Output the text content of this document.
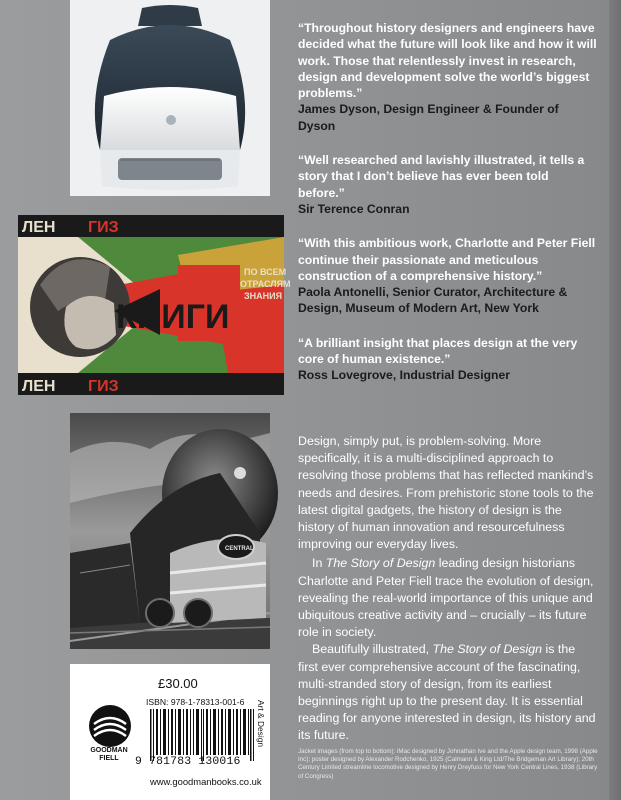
ЛЕН ГИЗ
КНИГИ
ПО ВСЕМ
ОТРАСЛЯМ
ЗНАНИЯ
ЛЕН ГИЗ
CENTRAL
“Throughout history designers and engineers have decided what the future will look like and how it will work. Those that relentlessly invest in research, design and development solve the world’s biggest problems.”
James Dyson, Design Engineer & Founder of Dyson
“Well researched and lavishly illustrated, it tells a story that I don’t believe has ever been told before.”
Sir Terence Conran
“With this ambitious work, Charlotte and Peter Fiell continue their passionate and meticulous construction of a comprehensive history.”
Paola Antonelli, Senior Curator, Architecture & Design, Museum of Modern Art, New York
“A brilliant insight that places design at the very core of human existence.”
Ross Lovegrove, Industrial Designer

Design, simply put, is problem-solving. More specifically, it is a multi-disciplined approach to resolving those problems that has reflected mankind’s needs and desires. From prehistoric stone tools to the latest digital gadgets, the history of design is the history of human innovation and resourcefulness improving our everyday lives.

In The Story of Design leading design historians Charlotte and Peter Fiell trace the evolution of design, revealing the real-world importance of this unique and ubiquitous creative activity and – crucially – its future role in society.

Beautifully illustrated, The Story of Design is the first ever comprehensive account of the fascinating, multi-stranded story of design, from its earliest beginnings right up to the present day. It is essential reading for anyone interested in design, its history and its future.

Jacket images (from top to bottom): iMac designed by Johnathan Ive and the Apple design team, 1998 (Apple Inc); poster designed by Alexander Rodchenko, 1925 (Calmann & King Ltd/The Bridgeman Art Library); 20th Century Limited streamline locomotive designed by Henry Dreyfuss for New York Central Lines, 1938 (Library of Congress)
£30.00
ISBN: 978-1-78313-001-6
9 781783 130016
www.goodmanbooks.co.uk
GOODMAN
FIELL
Art & Design
